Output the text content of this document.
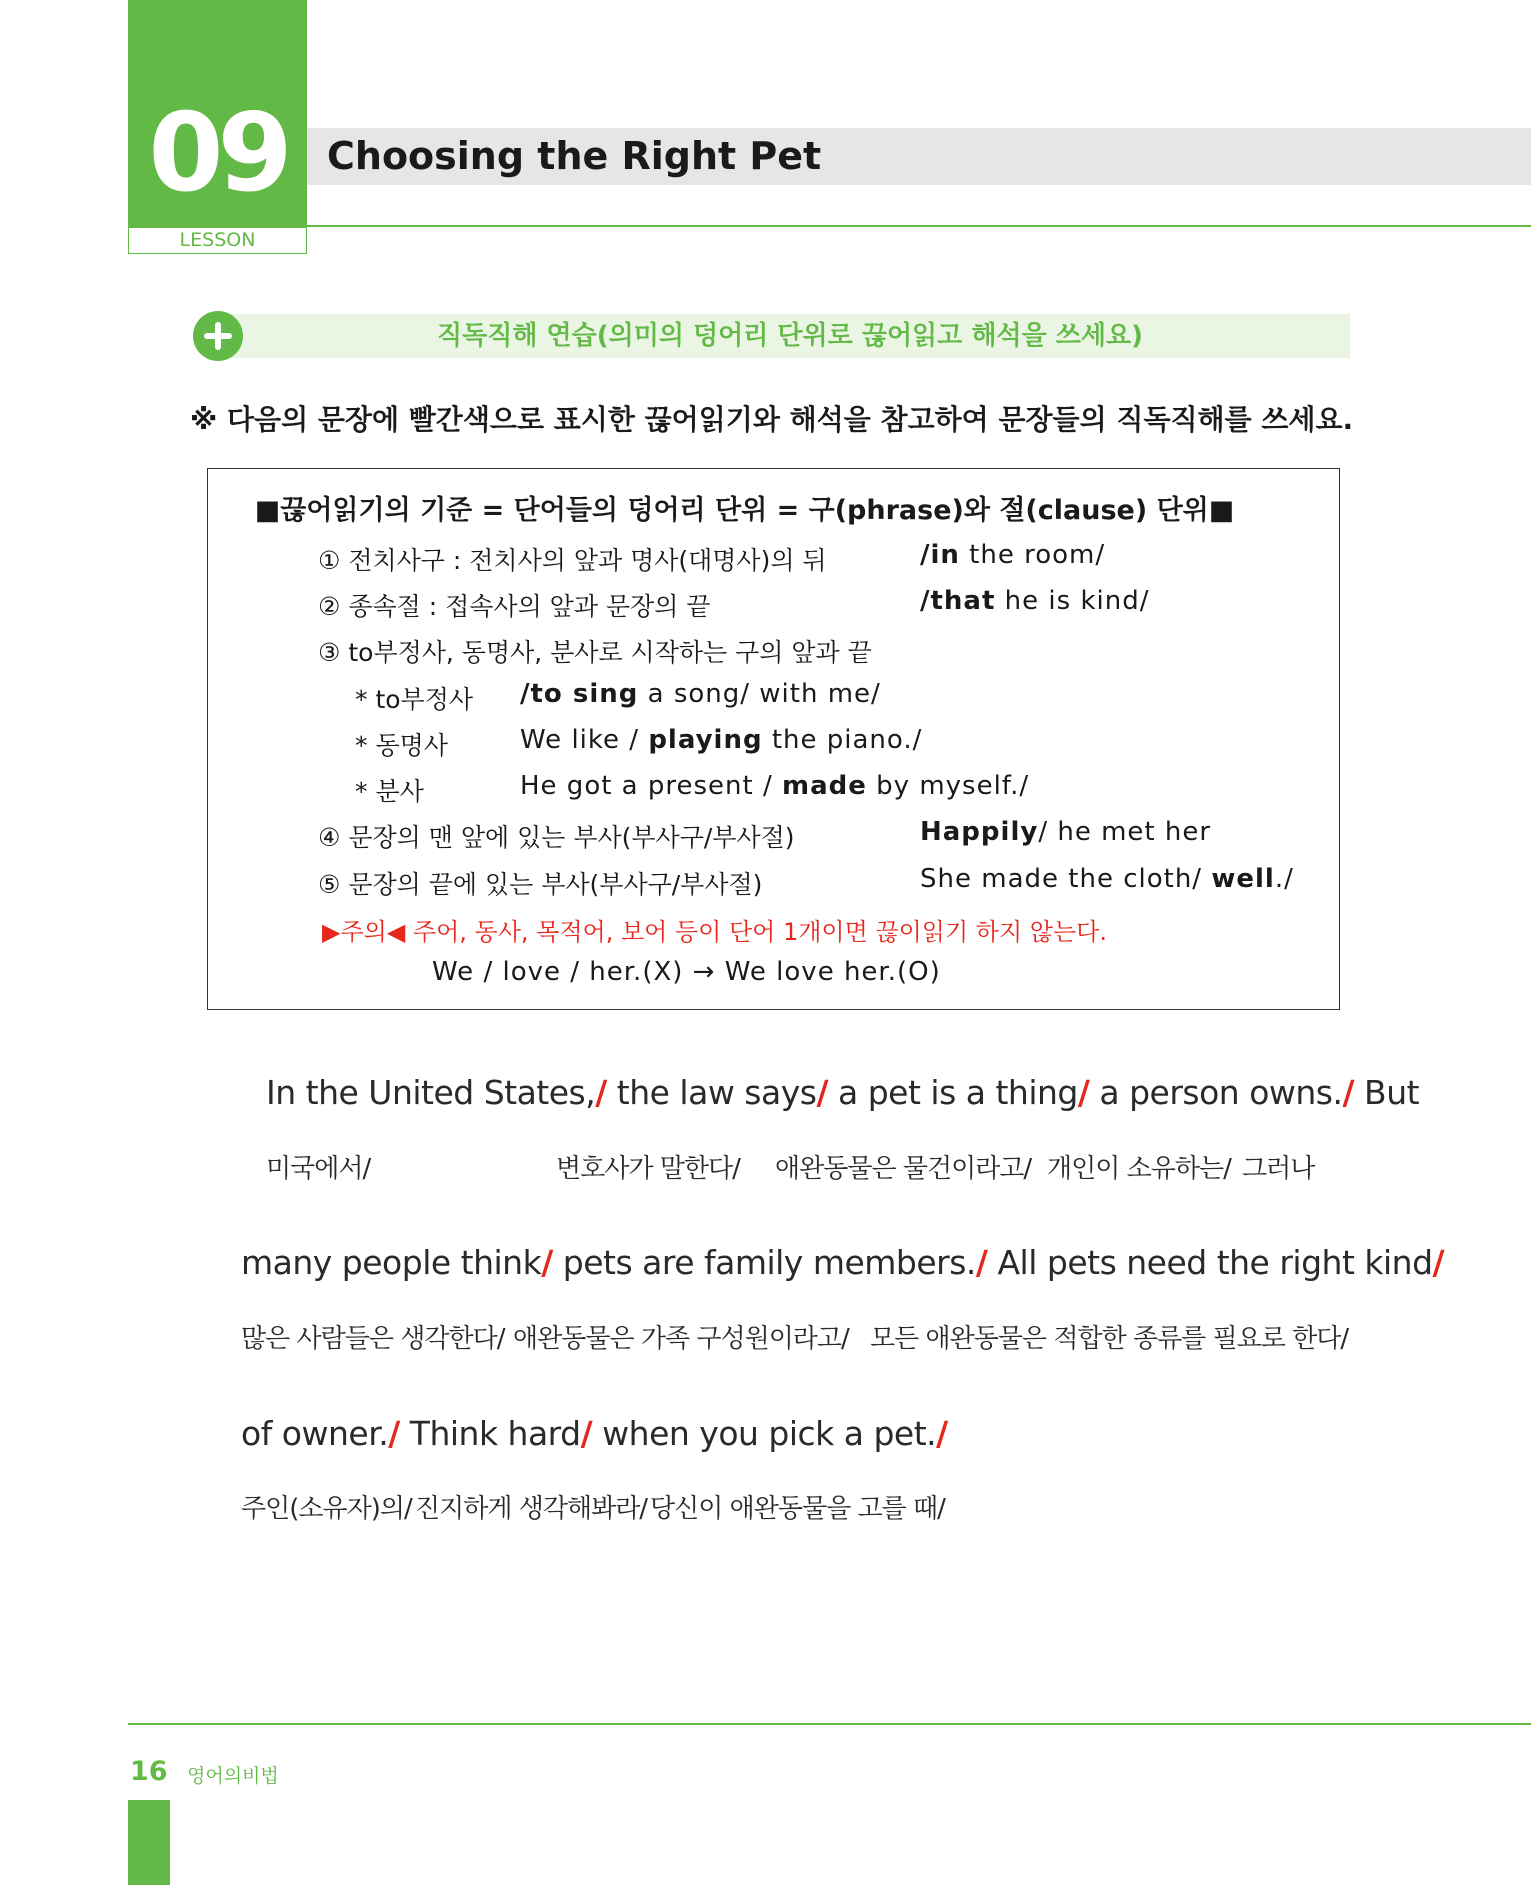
09
LESSON
Choosing the Right Pet
직독직해 연습(의미의 덩어리 단위로 끊어읽고 해석을 쓰세요)
※ 다음의 문장에 빨간색으로 표시한 끊어읽기와 해석을 참고하여 문장들의 직독직해를 쓰세요.
■끊어읽기의 기준 = 단어들의 덩어리 단위 = 구(phrase)와 절(clause) 단위■
① 전치사구 : 전치사의 앞과 명사(대명사)의 뒤	/in the room/
② 종속절 : 접속사의 앞과 문장의 끝	/that he is kind/
③ to부정사, 동명사, 분사로 시작하는 구의 앞과 끝
* to부정사 /to sing a song/ with me/
* 동명사	We like / playing the piano./
* 분사	He got a present / made by myself./
④ 문장의 맨 앞에 있는 부사(부사구/부사절)	Happily/ he met her
⑤ 문장의 끝에 있는 부사(부사구/부사절)	She made the cloth/ well./
▶주의◀ 주어, 동사, 목적어, 보어 등이 단어 1개이면 끊이읽기 하지 않는다.
We / love / her.(X) → We love her.(O)
In the United States,/ the law says/ a pet is a thing/ a person owns./ But
미국에서/	변호사가 말한다/ 애완동물은 물건이라고/ 개인이 소유하는/ 그러나
many people think/ pets are family members./ All pets need the right kind/
많은 사람들은 생각한다/ 애완동물은 가족 구성원이라고/ 모든 애완동물은 적합한 종류를 필요로 한다/
of owner./ Think hard/ when you pick a pet./
주인(소유자)의/ 진지하게 생각해봐라/ 당신이 애완동물을 고를 때/
16 영어의비법
